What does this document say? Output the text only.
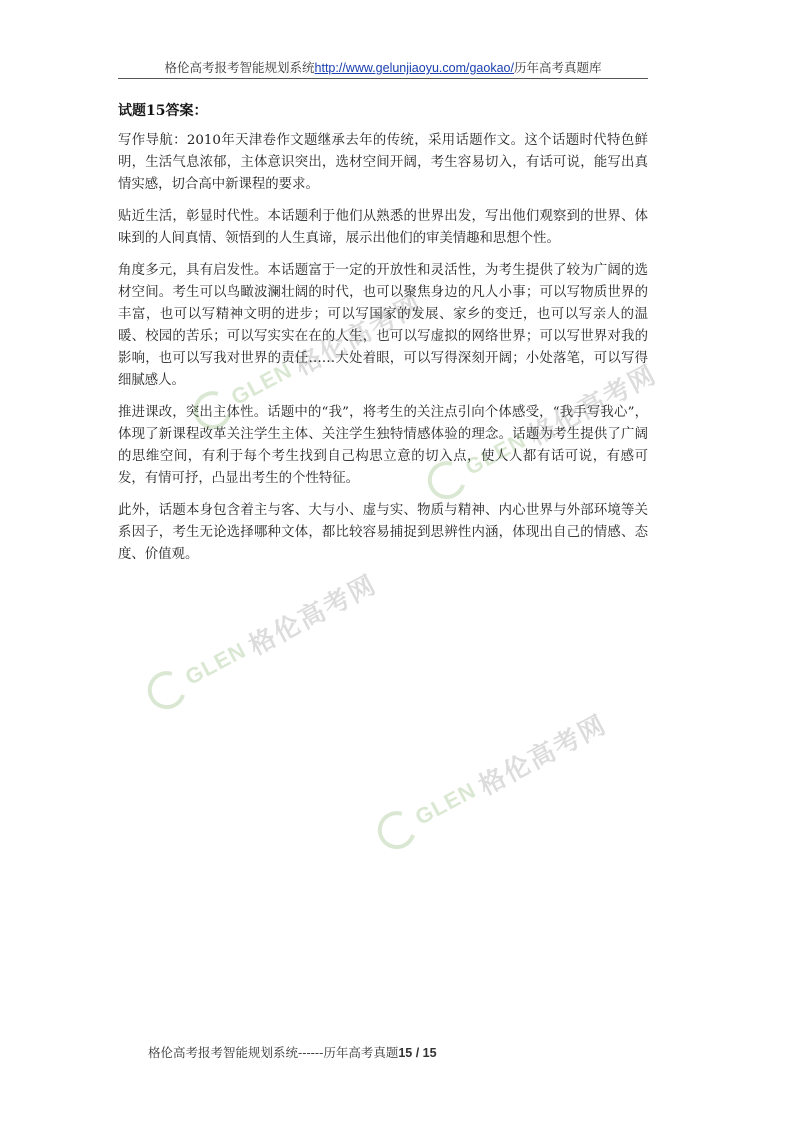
格伦高考报考智能规划系统http://www.gelunjiaoyu.com/gaokao/历年高考真题库

试题15答案：

写作导航：2010年天津卷作文题继承去年的传统，采用话题作文。这个话题时代特色鲜明，生活气息浓郁，主体意识突出，选材空间开阔，考生容易切入，有话可说，能写出真情实感，切合高中新课程的要求。

贴近生活，彰显时代性。本话题利于他们从熟悉的世界出发，写出他们观察到的世界、体味到的人间真情、领悟到的人生真谛，展示出他们的审美情趣和思想个性。

角度多元，具有启发性。本话题富于一定的开放性和灵活性，为考生提供了较为广阔的选材空间。考生可以鸟瞰波澜壮阔的时代，也可以聚焦身边的凡人小事；可以写物质世界的丰富，也可以写精神文明的进步；可以写国家的发展、家乡的变迁，也可以写亲人的温暖、校园的苦乐；可以写实实在在的人生，也可以写虚拟的网络世界；可以写世界对我的影响，也可以写我对世界的责任……大处着眼，可以写得深刻开阔；小处落笔，可以写得细腻感人。

推进课改，突出主体性。话题中的“我”，将考生的关注点引向个体感受，“我手写我心”，体现了新课程改革关注学生主体、关注学生独特情感体验的理念。话题为考生提供了广阔的思维空间，有利于每个考生找到自己构思立意的切入点，使人人都有话可说，有感可发，有情可抒，凸显出考生的个性特征。

此外，话题本身包含着主与客、大与小、虚与实、物质与精神、内心世界与外部环境等关系因子，考生无论选择哪种文体，都比较容易捕捉到思辨性内涵，体现出自己的情感、态度、价值观。

GLEN
格伦高考网
GLEN
格伦高考网
GLEN
格伦高考网
GLEN
格伦高考网
格伦高考报考智能规划系统------历年高考真题15 / 15
